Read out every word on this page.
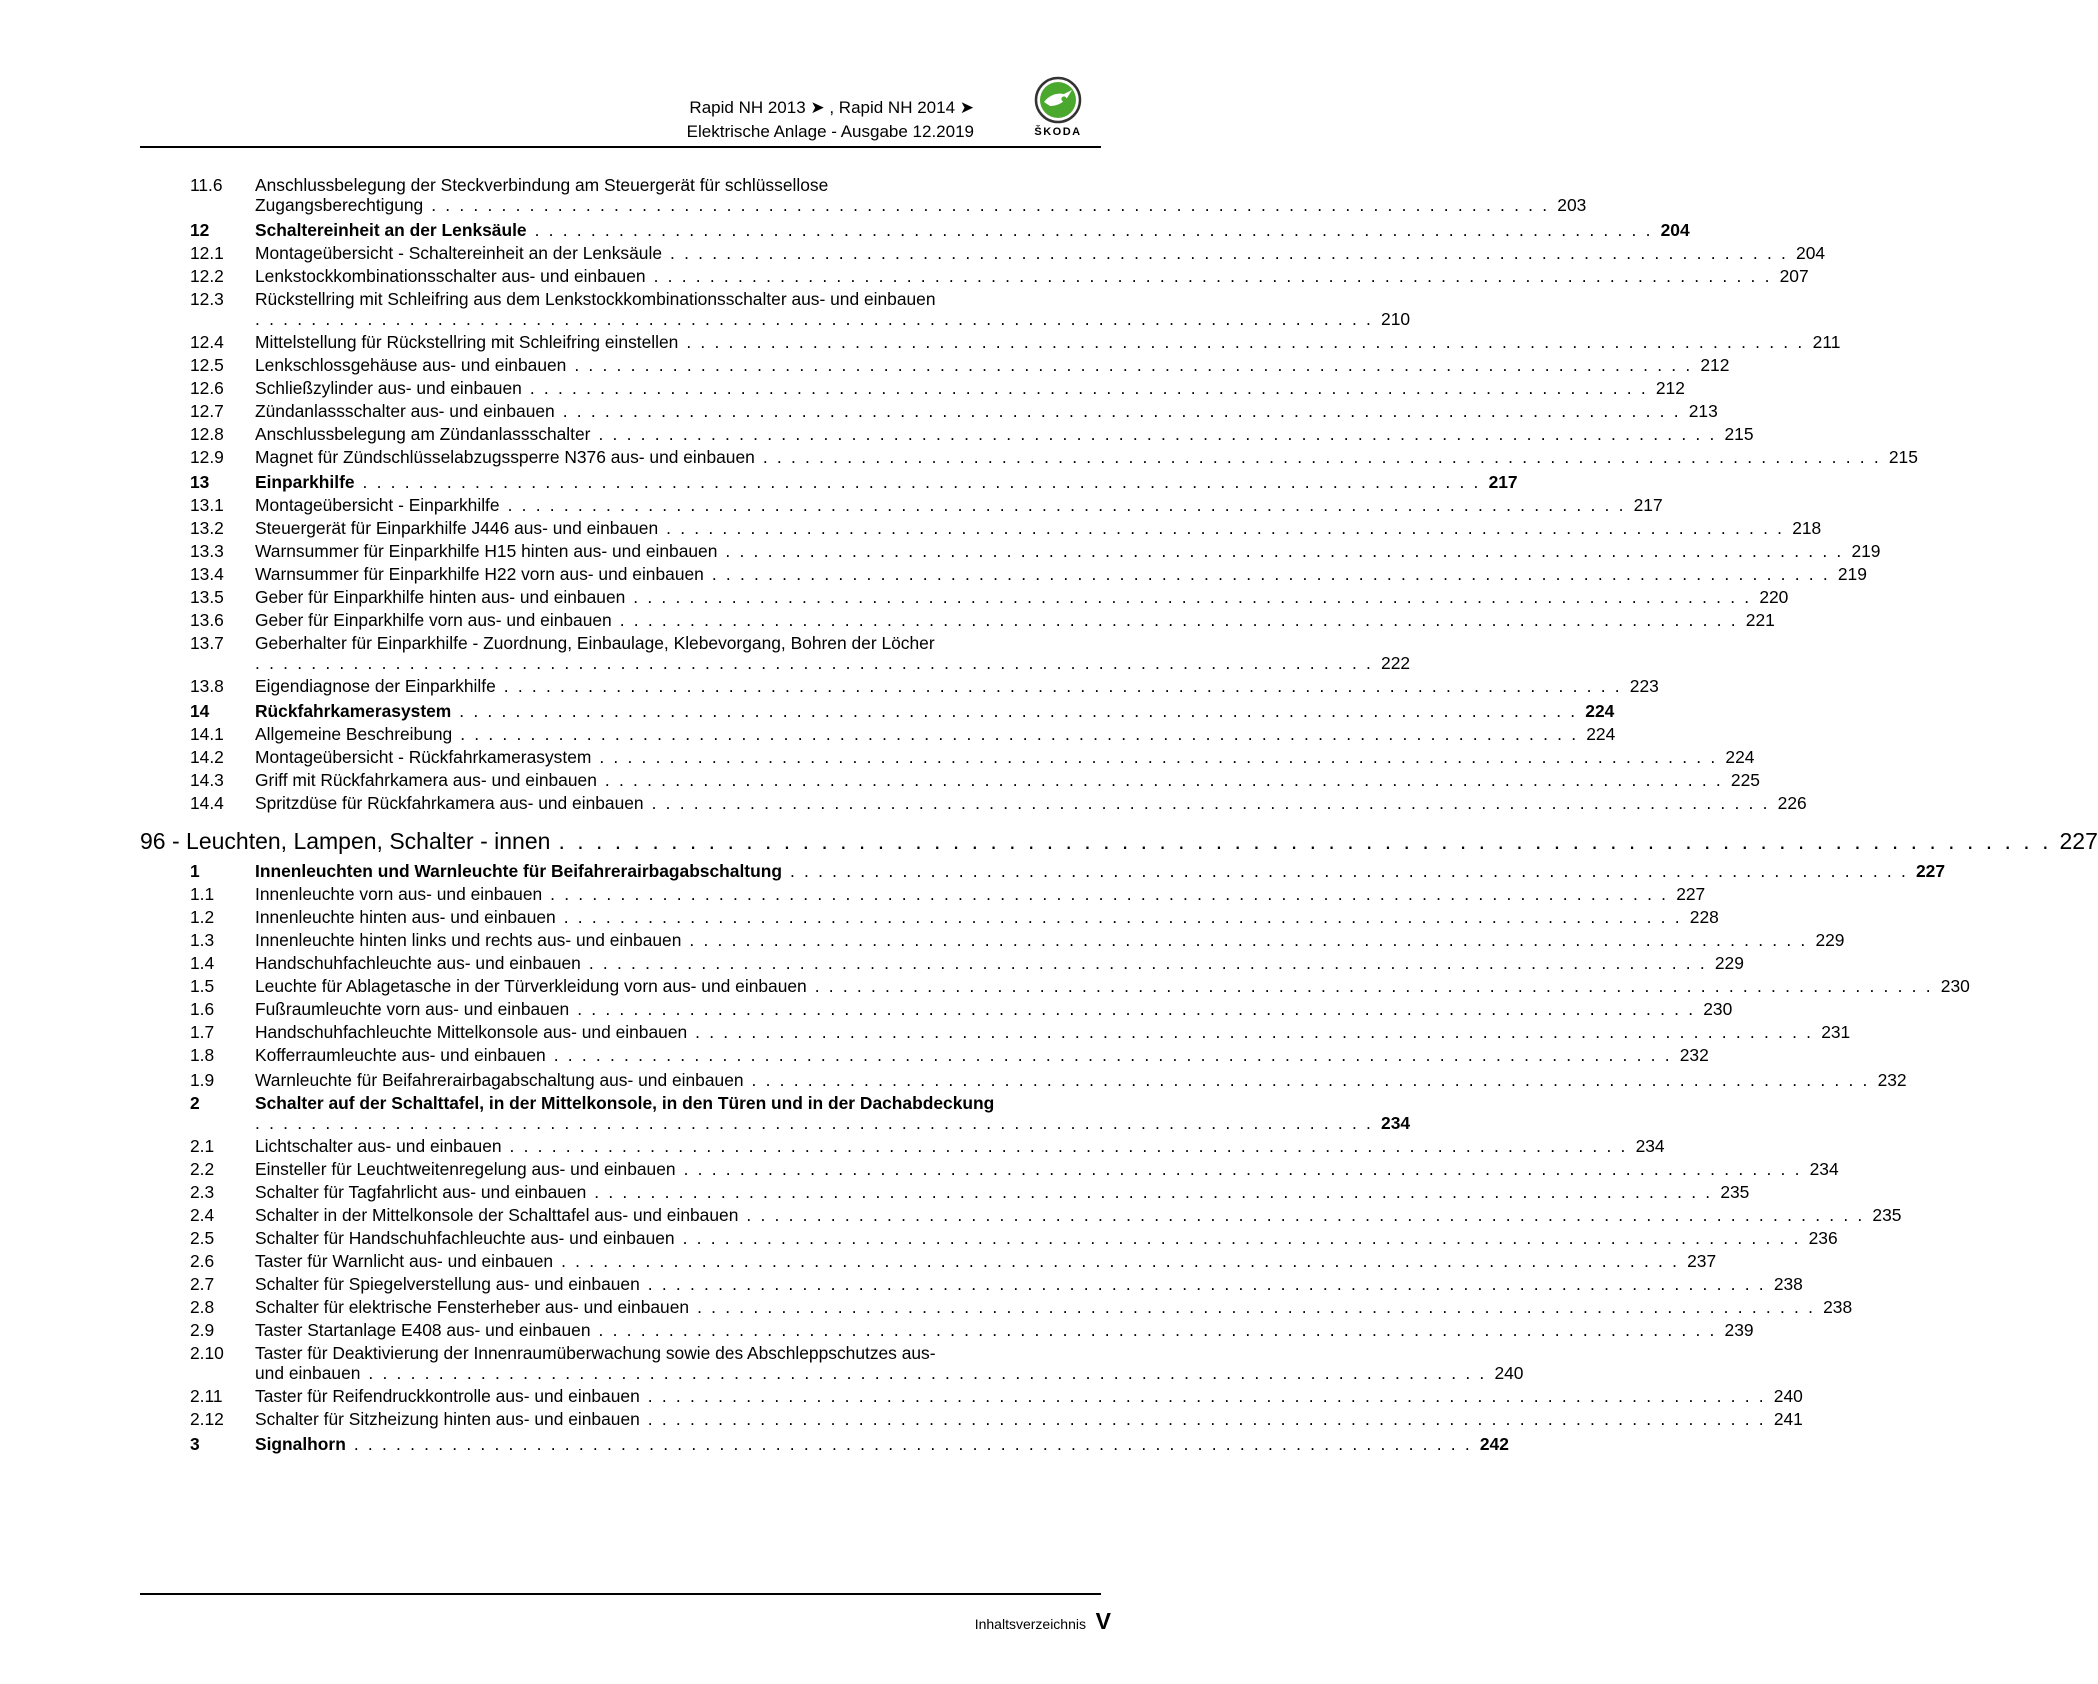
Rapid NH 2013 ➤ , Rapid NH 2014 ➤
Elektrische Anlage - Ausgabe 12.2019	ŠKODA
11.6 Anschlussbelegung der Steckverbindung am Steuergerät für schlüssellose
Zugangsberechtigung . . . . . . . . . . . . . . . . . . . . . . . . . . . . . . . . . . . . . . . . . . . . . . . . . . . . . . . . . . . . . . . . . . . . . . . . . . . . . . . . 203
12	Schaltereinheit an der Lenksäule . . . . . . . . . . . . . . . . . . . . . . . . . . . . . . . . . . . . . . . . . . . . . . . . . . . . . . . . . . . . . . . . . . . . . . . . . . . . . . . . 204
12.1 Montageübersicht - Schaltereinheit an der Lenksäule . . . . . . . . . . . . . . . . . . . . . . . . . . . . . . . . . . . . . . . . . . . . . . . . . . . . . . . . . . . . . . . . . . . . . . . . . . . . . . . . 204
12.2 Lenkstockkombinationsschalter aus- und einbauen . . . . . . . . . . . . . . . . . . . . . . . . . . . . . . . . . . . . . . . . . . . . . . . . . . . . . . . . . . . . . . . . . . . . . . . . . . . . . . . . 207
12.3 Rückstellring mit Schleifring aus dem Lenkstockkombinationsschalter aus- und einbauen
. . . . . . . . . . . . . . . . . . . . . . . . . . . . . . . . . . . . . . . . . . . . . . . . . . . . . . . . . . . . . . . . . . . . . . . . . . . . . . . . 210
12.4 Mittelstellung für Rückstellring mit Schleifring einstellen . . . . . . . . . . . . . . . . . . . . . . . . . . . . . . . . . . . . . . . . . . . . . . . . . . . . . . . . . . . . . . . . . . . . . . . . . . . . . . . . 211
12.5 Lenkschlossgehäuse aus- und einbauen . . . . . . . . . . . . . . . . . . . . . . . . . . . . . . . . . . . . . . . . . . . . . . . . . . . . . . . . . . . . . . . . . . . . . . . . . . . . . . . . 212
12.6 Schließzylinder aus- und einbauen . . . . . . . . . . . . . . . . . . . . . . . . . . . . . . . . . . . . . . . . . . . . . . . . . . . . . . . . . . . . . . . . . . . . . . . . . . . . . . . . 212
12.7 Zündanlassschalter aus- und einbauen . . . . . . . . . . . . . . . . . . . . . . . . . . . . . . . . . . . . . . . . . . . . . . . . . . . . . . . . . . . . . . . . . . . . . . . . . . . . . . . . 213
12.8 Anschlussbelegung am Zündanlassschalter . . . . . . . . . . . . . . . . . . . . . . . . . . . . . . . . . . . . . . . . . . . . . . . . . . . . . . . . . . . . . . . . . . . . . . . . . . . . . . . . 215
12.9 Magnet für Zündschlüsselabzugssperre N376 aus- und einbauen . . . . . . . . . . . . . . . . . . . . . . . . . . . . . . . . . . . . . . . . . . . . . . . . . . . . . . . . . . . . . . . . . . . . . . . . . . . . . . . . 215
13	Einparkhilfe . . . . . . . . . . . . . . . . . . . . . . . . . . . . . . . . . . . . . . . . . . . . . . . . . . . . . . . . . . . . . . . . . . . . . . . . . . . . . . . . 217
13.1 Montageübersicht - Einparkhilfe . . . . . . . . . . . . . . . . . . . . . . . . . . . . . . . . . . . . . . . . . . . . . . . . . . . . . . . . . . . . . . . . . . . . . . . . . . . . . . . . 217
13.2 Steuergerät für Einparkhilfe J446 aus- und einbauen . . . . . . . . . . . . . . . . . . . . . . . . . . . . . . . . . . . . . . . . . . . . . . . . . . . . . . . . . . . . . . . . . . . . . . . . . . . . . . . . 218
13.3 Warnsummer für Einparkhilfe H15 hinten aus- und einbauen . . . . . . . . . . . . . . . . . . . . . . . . . . . . . . . . . . . . . . . . . . . . . . . . . . . . . . . . . . . . . . . . . . . . . . . . . . . . . . . . 219
13.4 Warnsummer für Einparkhilfe H22 vorn aus- und einbauen . . . . . . . . . . . . . . . . . . . . . . . . . . . . . . . . . . . . . . . . . . . . . . . . . . . . . . . . . . . . . . . . . . . . . . . . . . . . . . . . 219
13.5 Geber für Einparkhilfe hinten aus- und einbauen . . . . . . . . . . . . . . . . . . . . . . . . . . . . . . . . . . . . . . . . . . . . . . . . . . . . . . . . . . . . . . . . . . . . . . . . . . . . . . . . 220
13.6 Geber für Einparkhilfe vorn aus- und einbauen . . . . . . . . . . . . . . . . . . . . . . . . . . . . . . . . . . . . . . . . . . . . . . . . . . . . . . . . . . . . . . . . . . . . . . . . . . . . . . . . 221
13.7 Geberhalter für Einparkhilfe - Zuordnung, Einbaulage, Klebevorgang, Bohren der Löcher
. . . . . . . . . . . . . . . . . . . . . . . . . . . . . . . . . . . . . . . . . . . . . . . . . . . . . . . . . . . . . . . . . . . . . . . . . . . . . . . . 222
13.8 Eigendiagnose der Einparkhilfe . . . . . . . . . . . . . . . . . . . . . . . . . . . . . . . . . . . . . . . . . . . . . . . . . . . . . . . . . . . . . . . . . . . . . . . . . . . . . . . . 223
14	Rückfahrkamerasystem . . . . . . . . . . . . . . . . . . . . . . . . . . . . . . . . . . . . . . . . . . . . . . . . . . . . . . . . . . . . . . . . . . . . . . . . . . . . . . . . 224
14.1 Allgemeine Beschreibung . . . . . . . . . . . . . . . . . . . . . . . . . . . . . . . . . . . . . . . . . . . . . . . . . . . . . . . . . . . . . . . . . . . . . . . . . . . . . . . . 224
14.2 Montageübersicht - Rückfahrkamerasystem . . . . . . . . . . . . . . . . . . . . . . . . . . . . . . . . . . . . . . . . . . . . . . . . . . . . . . . . . . . . . . . . . . . . . . . . . . . . . . . . 224
14.3 Griff mit Rückfahrkamera aus- und einbauen . . . . . . . . . . . . . . . . . . . . . . . . . . . . . . . . . . . . . . . . . . . . . . . . . . . . . . . . . . . . . . . . . . . . . . . . . . . . . . . . 225
14.4 Spritzdüse für Rückfahrkamera aus- und einbauen . . . . . . . . . . . . . . . . . . . . . . . . . . . . . . . . . . . . . . . . . . . . . . . . . . . . . . . . . . . . . . . . . . . . . . . . . . . . . . . . 226
96 - Leuchten, Lampen, Schalter - innen . . . . . . . . . . . . . . . . . . . . . . . . . . . . . . . . . . . . . . . . . . . . . . . . . . . . . . . . . . . . . . . . . . . . . . . . . . . . . . . . 227
1	Innenleuchten und Warnleuchte für Beifahrerairbagabschaltung . . . . . . . . . . . . . . . . . . . . . . . . . . . . . . . . . . . . . . . . . . . . . . . . . . . . . . . . . . . . . . . . . . . . . . . . . . . . . . . . 227
1.1 Innenleuchte vorn aus- und einbauen . . . . . . . . . . . . . . . . . . . . . . . . . . . . . . . . . . . . . . . . . . . . . . . . . . . . . . . . . . . . . . . . . . . . . . . . . . . . . . . . 227
1.2 Innenleuchte hinten aus- und einbauen . . . . . . . . . . . . . . . . . . . . . . . . . . . . . . . . . . . . . . . . . . . . . . . . . . . . . . . . . . . . . . . . . . . . . . . . . . . . . . . . 228
1.3 Innenleuchte hinten links und rechts aus- und einbauen . . . . . . . . . . . . . . . . . . . . . . . . . . . . . . . . . . . . . . . . . . . . . . . . . . . . . . . . . . . . . . . . . . . . . . . . . . . . . . . . 229
1.4 Handschuhfachleuchte aus- und einbauen . . . . . . . . . . . . . . . . . . . . . . . . . . . . . . . . . . . . . . . . . . . . . . . . . . . . . . . . . . . . . . . . . . . . . . . . . . . . . . . . 229
1.5 Leuchte für Ablagetasche in der Türverkleidung vorn aus- und einbauen . . . . . . . . . . . . . . . . . . . . . . . . . . . . . . . . . . . . . . . . . . . . . . . . . . . . . . . . . . . . . . . . . . . . . . . . . . . . . . . . 230
1.6 Fußraumleuchte vorn aus- und einbauen . . . . . . . . . . . . . . . . . . . . . . . . . . . . . . . . . . . . . . . . . . . . . . . . . . . . . . . . . . . . . . . . . . . . . . . . . . . . . . . . 230
1.7 Handschuhfachleuchte Mittelkonsole aus- und einbauen . . . . . . . . . . . . . . . . . . . . . . . . . . . . . . . . . . . . . . . . . . . . . . . . . . . . . . . . . . . . . . . . . . . . . . . . . . . . . . . . 231
1.8 Kofferraumleuchte aus- und einbauen . . . . . . . . . . . . . . . . . . . . . . . . . . . . . . . . . . . . . . . . . . . . . . . . . . . . . . . . . . . . . . . . . . . . . . . . . . . . . . . . 232
1.9 Warnleuchte für Beifahrerairbagabschaltung aus- und einbauen . . . . . . . . . . . . . . . . . . . . . . . . . . . . . . . . . . . . . . . . . . . . . . . . . . . . . . . . . . . . . . . . . . . . . . . . . . . . . . . . 232
2	Schalter auf der Schalttafel, in der Mittelkonsole, in den Türen und in der Dachabdeckung
. . . . . . . . . . . . . . . . . . . . . . . . . . . . . . . . . . . . . . . . . . . . . . . . . . . . . . . . . . . . . . . . . . . . . . . . . . . . . . . . 234
2.1 Lichtschalter aus- und einbauen . . . . . . . . . . . . . . . . . . . . . . . . . . . . . . . . . . . . . . . . . . . . . . . . . . . . . . . . . . . . . . . . . . . . . . . . . . . . . . . . 234
2.2 Einsteller für Leuchtweitenregelung aus- und einbauen . . . . . . . . . . . . . . . . . . . . . . . . . . . . . . . . . . . . . . . . . . . . . . . . . . . . . . . . . . . . . . . . . . . . . . . . . . . . . . . . 234
2.3 Schalter für Tagfahrlicht aus- und einbauen . . . . . . . . . . . . . . . . . . . . . . . . . . . . . . . . . . . . . . . . . . . . . . . . . . . . . . . . . . . . . . . . . . . . . . . . . . . . . . . . 235
2.4 Schalter in der Mittelkonsole der Schalttafel aus- und einbauen . . . . . . . . . . . . . . . . . . . . . . . . . . . . . . . . . . . . . . . . . . . . . . . . . . . . . . . . . . . . . . . . . . . . . . . . . . . . . . . . 235
2.5 Schalter für Handschuhfachleuchte aus- und einbauen . . . . . . . . . . . . . . . . . . . . . . . . . . . . . . . . . . . . . . . . . . . . . . . . . . . . . . . . . . . . . . . . . . . . . . . . . . . . . . . . 236
2.6 Taster für Warnlicht aus- und einbauen . . . . . . . . . . . . . . . . . . . . . . . . . . . . . . . . . . . . . . . . . . . . . . . . . . . . . . . . . . . . . . . . . . . . . . . . . . . . . . . . 237
2.7 Schalter für Spiegelverstellung aus- und einbauen . . . . . . . . . . . . . . . . . . . . . . . . . . . . . . . . . . . . . . . . . . . . . . . . . . . . . . . . . . . . . . . . . . . . . . . . . . . . . . . . 238
2.8 Schalter für elektrische Fensterheber aus- und einbauen . . . . . . . . . . . . . . . . . . . . . . . . . . . . . . . . . . . . . . . . . . . . . . . . . . . . . . . . . . . . . . . . . . . . . . . . . . . . . . . . 238
2.9 Taster Startanlage E408 aus- und einbauen . . . . . . . . . . . . . . . . . . . . . . . . . . . . . . . . . . . . . . . . . . . . . . . . . . . . . . . . . . . . . . . . . . . . . . . . . . . . . . . . 239
2.10 Taster für Deaktivierung der Innenraumüberwachung sowie des Abschleppschutzes aus-
und einbauen . . . . . . . . . . . . . . . . . . . . . . . . . . . . . . . . . . . . . . . . . . . . . . . . . . . . . . . . . . . . . . . . . . . . . . . . . . . . . . . . 240
2.11 Taster für Reifendruckkontrolle aus- und einbauen . . . . . . . . . . . . . . . . . . . . . . . . . . . . . . . . . . . . . . . . . . . . . . . . . . . . . . . . . . . . . . . . . . . . . . . . . . . . . . . . 240
2.12 Schalter für Sitzheizung hinten aus- und einbauen . . . . . . . . . . . . . . . . . . . . . . . . . . . . . . . . . . . . . . . . . . . . . . . . . . . . . . . . . . . . . . . . . . . . . . . . . . . . . . . . 241
3	Signalhorn . . . . . . . . . . . . . . . . . . . . . . . . . . . . . . . . . . . . . . . . . . . . . . . . . . . . . . . . . . . . . . . . . . . . . . . . . . . . . . . . 242
Inhaltsverzeichnis V
